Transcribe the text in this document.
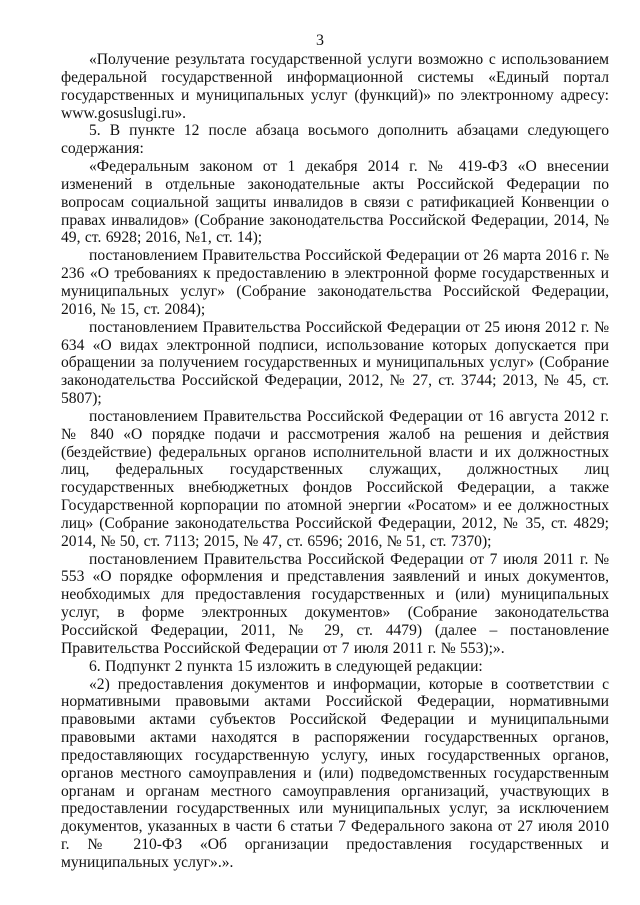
3

«Получение результата государственной услуги возможно с использованием федеральной государственной информационной системы «Единый портал государственных и муниципальных услуг (функций)» по электронному адресу: www.gosuslugi.ru».

5. В пункте 12 после абзаца восьмого дополнить абзацами следующего содержания:

«Федеральным законом от 1 декабря 2014 г. № 419-ФЗ «О внесении изменений в отдельные законодательные акты Российской Федерации по вопросам социальной защиты инвалидов в связи с ратификацией Конвенции о правах инвалидов» (Собрание законодательства Российской Федерации, 2014, № 49, ст. 6928; 2016, №1, ст. 14);

постановлением Правительства Российской Федерации от 26 марта 2016 г. № 236 «О требованиях к предоставлению в электронной форме государственных и муниципальных услуг» (Собрание законодательства Российской Федерации, 2016, № 15, ст. 2084);

постановлением Правительства Российской Федерации от 25 июня 2012 г. № 634 «О видах электронной подписи, использование которых допускается при обращении за получением государственных и муниципальных услуг» (Собрание законодательства Российской Федерации, 2012, № 27, ст. 3744; 2013, № 45, ст. 5807);

постановлением Правительства Российской Федерации от 16 августа 2012 г. № 840 «О порядке подачи и рассмотрения жалоб на решения и действия (бездействие) федеральных органов исполнительной власти и их должностных лиц, федеральных государственных служащих, должностных лиц государственных внебюджетных фондов Российской Федерации, а также Государственной корпорации по атомной энергии «Росатом» и ее должностных лиц» (Собрание законодательства Российской Федерации, 2012, № 35, ст. 4829; 2014, № 50, ст. 7113; 2015, № 47, ст. 6596; 2016, № 51, ст. 7370);

постановлением Правительства Российской Федерации от 7 июля 2011 г. № 553 «О порядке оформления и представления заявлений и иных документов, необходимых для предоставления государственных и (или) муниципальных услуг, в форме электронных документов» (Собрание законодательства Российской Федерации, 2011, № 29, ст. 4479) (далее – постановление Правительства Российской Федерации от 7 июля 2011 г. № 553);».

6. Подпункт 2 пункта 15 изложить в следующей редакции:

«2) предоставления документов и информации, которые в соответствии с нормативными правовыми актами Российской Федерации, нормативными правовыми актами субъектов Российской Федерации и муниципальными правовыми актами находятся в распоряжении государственных органов, предоставляющих государственную услугу, иных государственных органов, органов местного самоуправления и (или) подведомственных государственным органам и органам местного самоуправления организаций, участвующих в предоставлении государственных или муниципальных услуг, за исключением документов, указанных в части 6 статьи 7 Федерального закона от 27 июля 2010 г. № 210-ФЗ «Об организации предоставления государственных и муниципальных услуг».».
